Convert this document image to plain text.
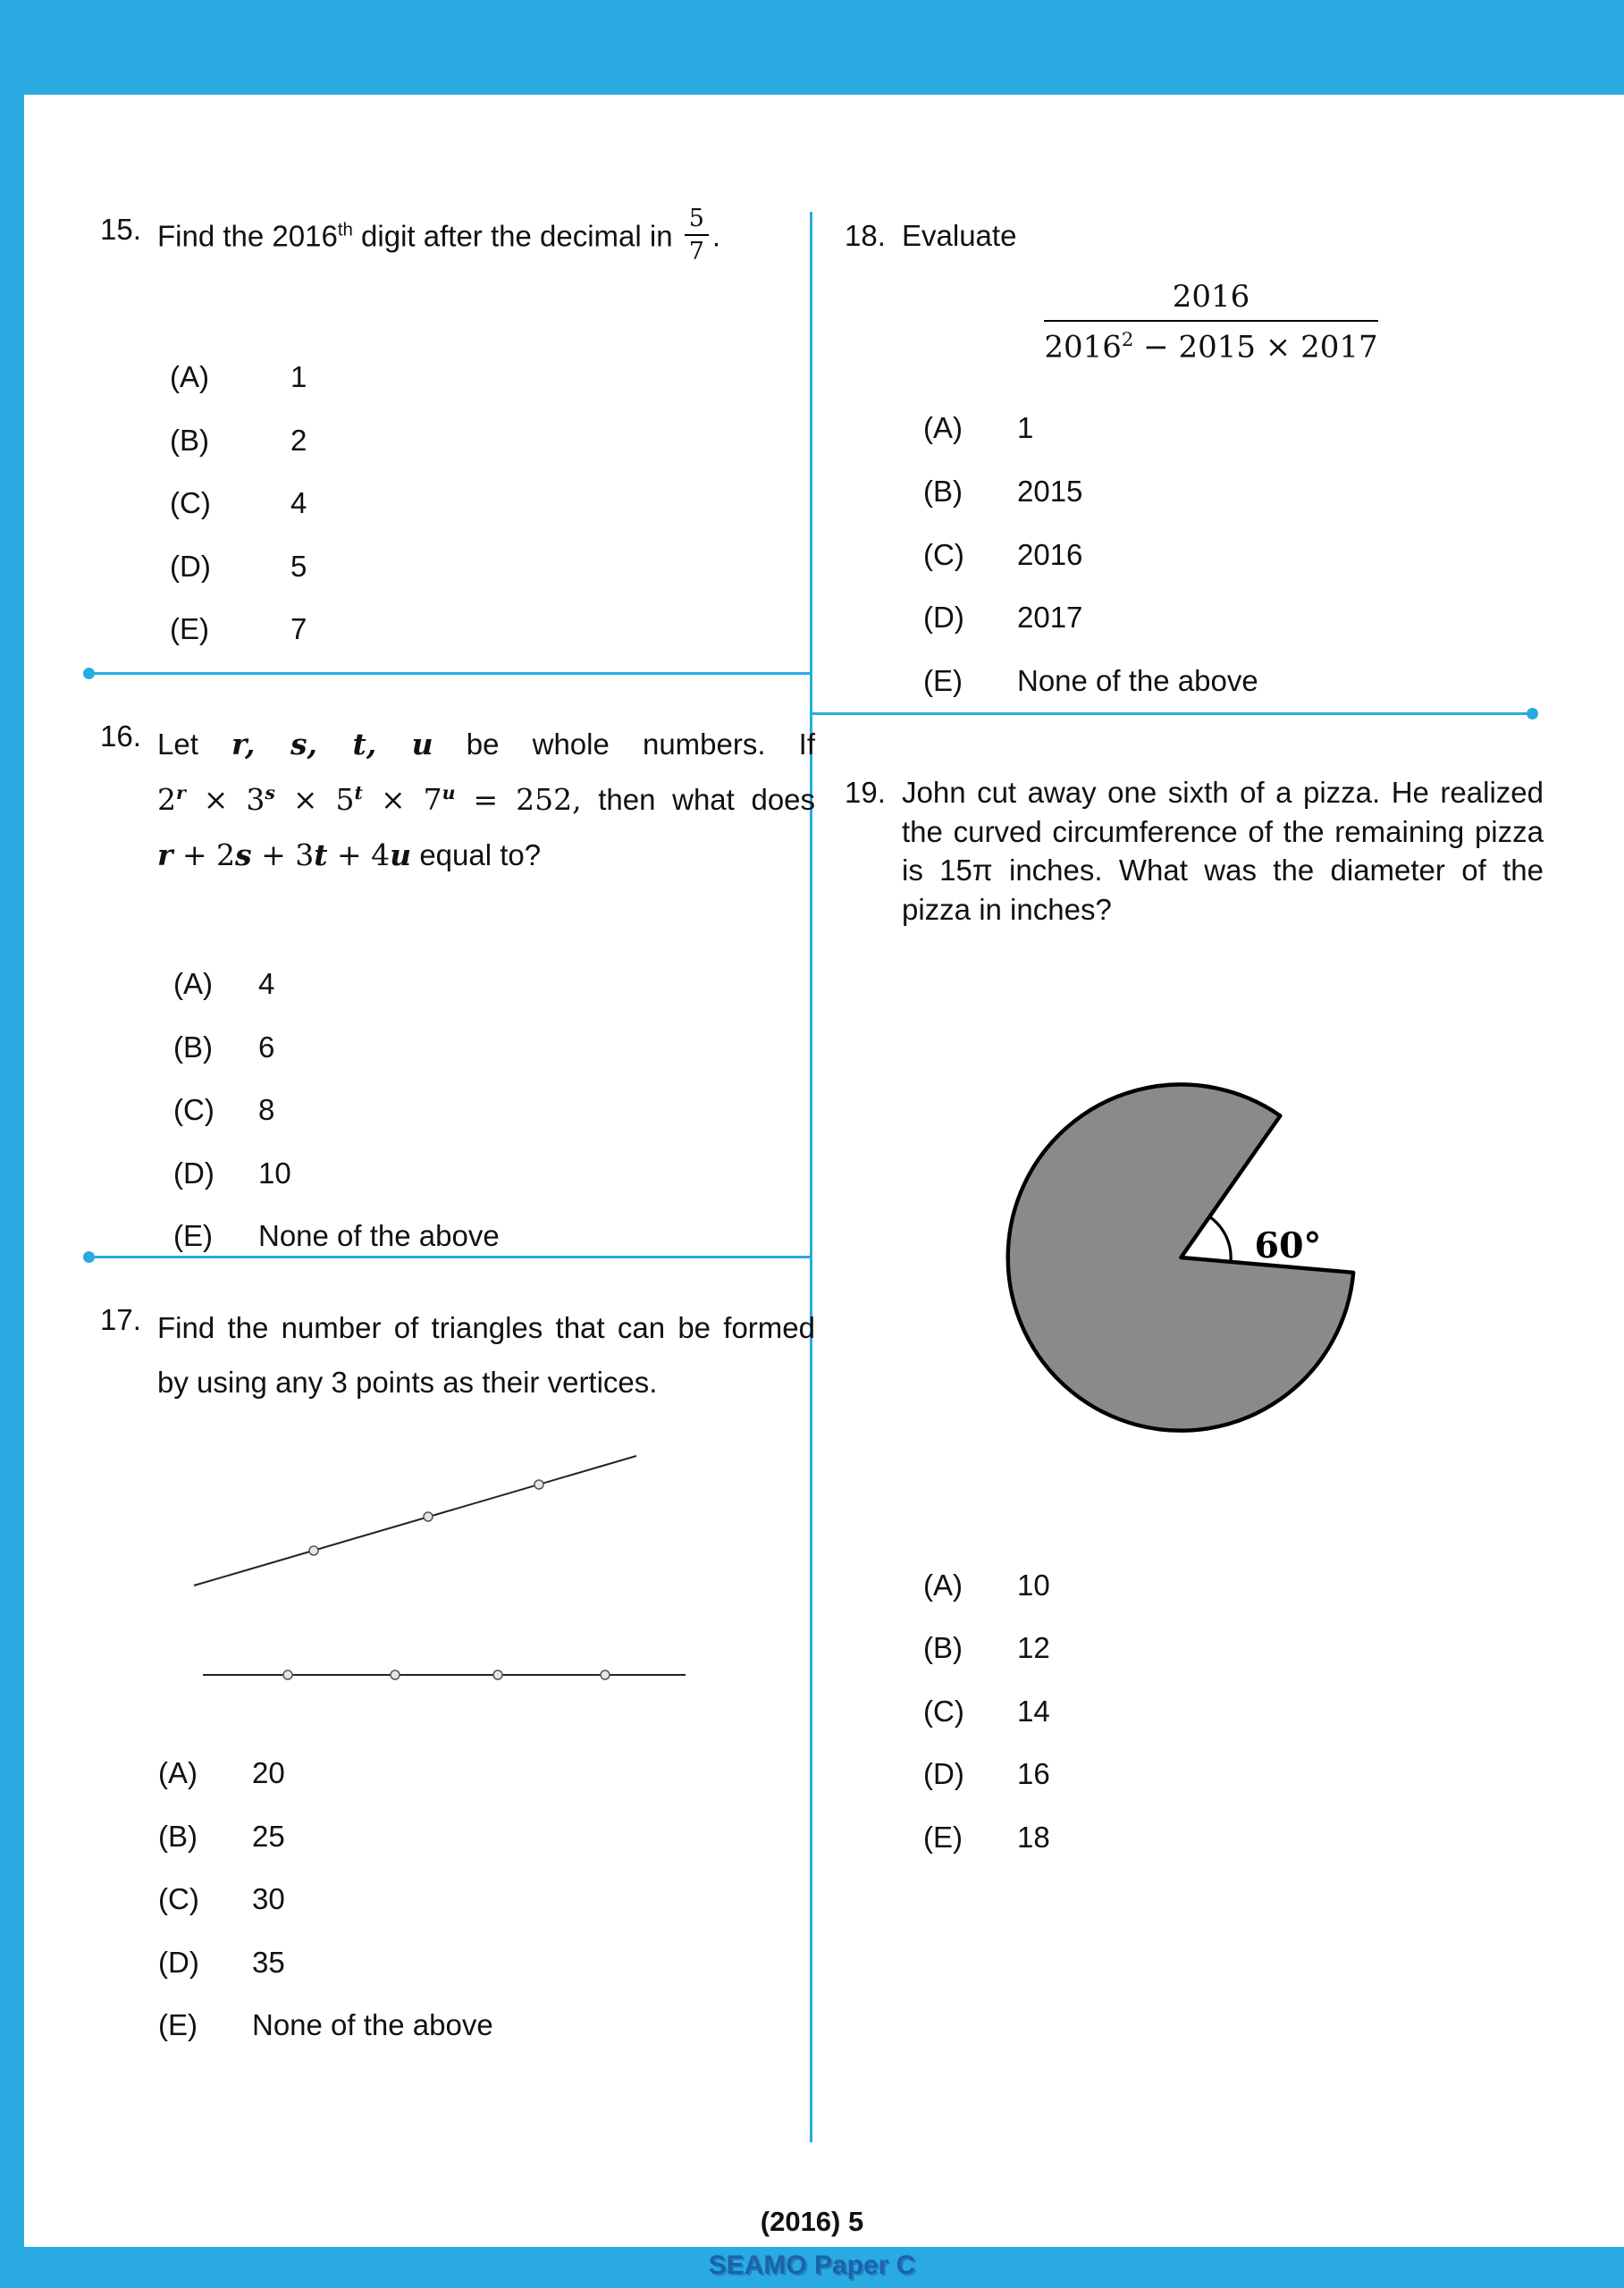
15. Find the 2016th digit after the decimal in $\frac{5}{7}$ .
(A)	1
(B)	2
(C)	4
(D)	5
(E)	7
16. Let r, s, t, u be whole numbers. If
$2^r \times 3^s \times 5^t \times 7^u = 252$, then what does
r + 2s + 3t + 4u equal to?
(A)	4
(B)	6
(C)	8
(D)	10
(E)	None of the above
17. Find the number of triangles that can be formed by using any 3 points as their vertices.
(A)	20
(B)	25
(C)	30
(D)	35
(E)	None of the above
18. Evaluate
$\frac{2016}{2016^2 - 2015 \times 2017}$
(A)	1
(B)	2015
(C)	2016
(D)	2017
(E)	None of the above
19. John cut away one sixth of a pizza. He realized the curved circumference of the remaining pizza is 15π inches. What was the diameter of the pizza in inches?
60°
(A)	10
(B)	12
(C)	14
(D)	16
(E)	18
(2016) 5
SEAMO Paper C
